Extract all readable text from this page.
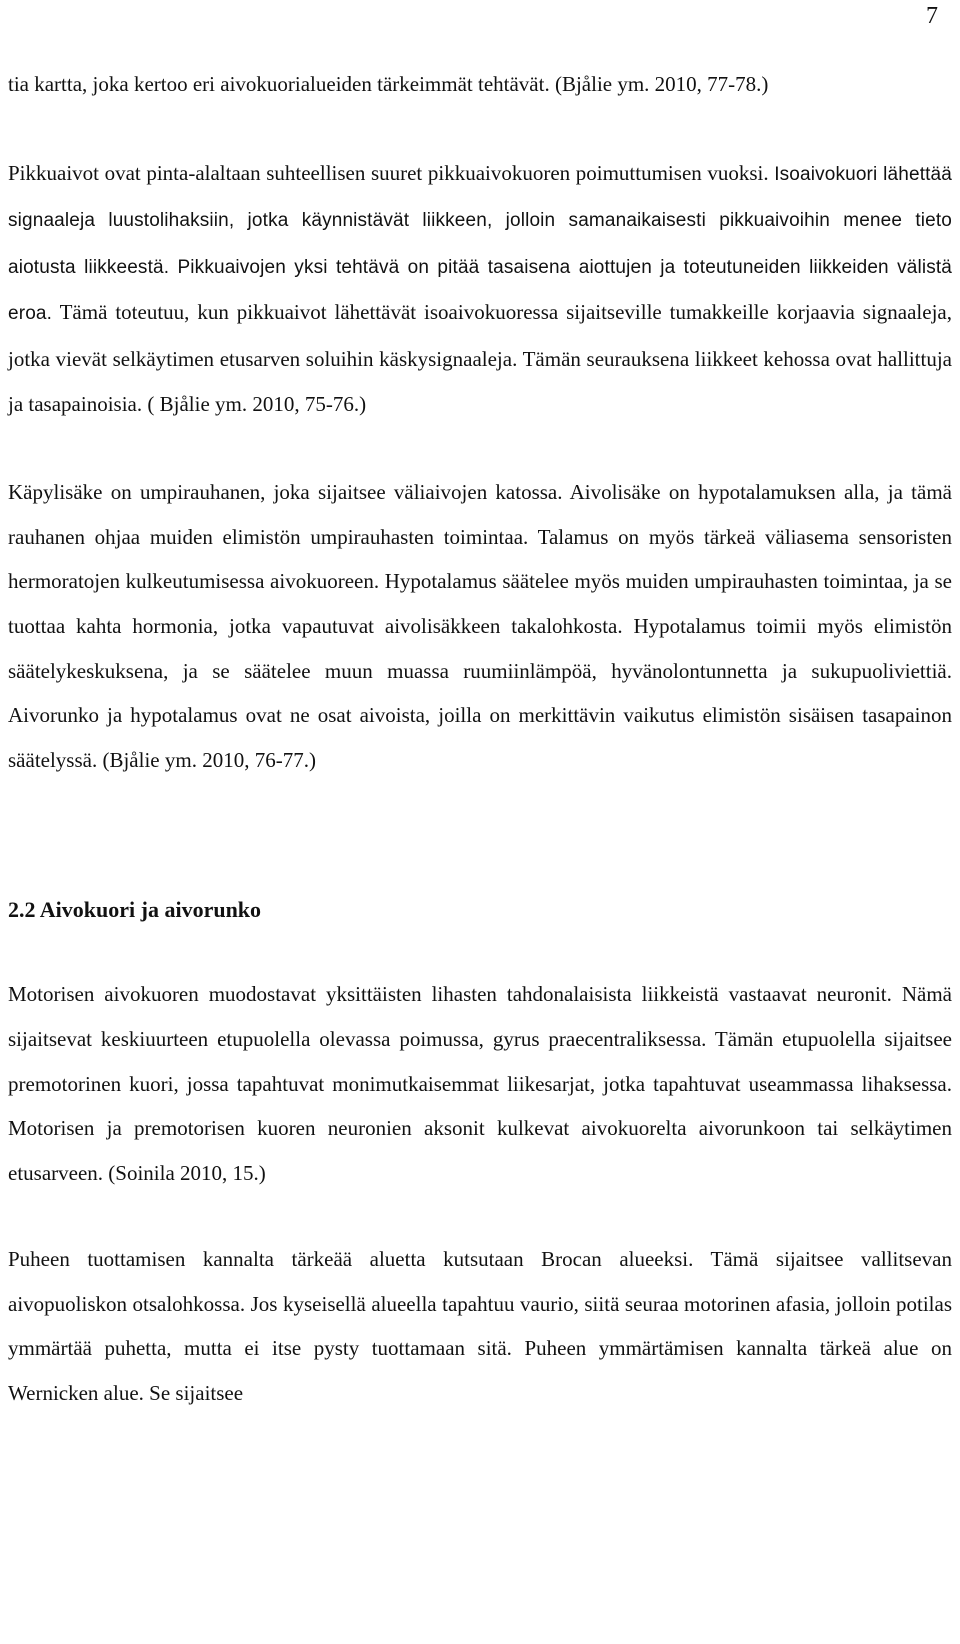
7

tia kartta, joka kertoo eri aivokuorialueiden tärkeimmät tehtävät. (Bjålie ym. 2010, 77-78.)

Pikkuaivot ovat pinta-alaltaan suhteellisen suuret pikkuaivokuoren poimuttumisen vuoksi. Isoaivokuori lähettää signaaleja luustolihaksiin, jotka käynnistävät liikkeen, jolloin samanaikaisesti pikkuaivoihin menee tieto aiotusta liikkeestä. Pikkuaivojen yksi tehtävä on pitää tasaisena aiottujen ja toteutuneiden liikkeiden välistä eroa. Tämä toteutuu, kun pikkuaivot lähettävät isoaivokuoressa sijaitseville tumakkeille korjaavia signaaleja, jotka vievät selkäytimen etusarven soluihin käskysignaaleja. Tämän seurauksena liikkeet kehossa ovat hallittuja ja tasapainoisia. ( Bjålie ym. 2010, 75-76.)

Käpylisäke on umpirauhanen, joka sijaitsee väliaivojen katossa. Aivolisäke on hypotalamuksen alla, ja tämä rauhanen ohjaa muiden elimistön umpirauhasten toimintaa. Talamus on myös tärkeä väliasema sensoristen hermoratojen kulkeutumisessa aivokuoreen. Hypotalamus säätelee myös muiden umpirauhasten toimintaa, ja se tuottaa kahta hormonia, jotka vapautuvat aivolisäkkeen takalohkosta. Hypotalamus toimii myös elimistön säätelykeskuksena, ja se säätelee muun muassa ruumiinlämpöä, hyvänolontunnetta ja sukupuoliviettiä. Aivorunko ja hypotalamus ovat ne osat aivoista, joilla on merkittävin vaikutus elimistön sisäisen tasapainon säätelyssä. (Bjålie ym. 2010, 76-77.)

2.2 Aivokuori ja aivorunko

Motorisen aivokuoren muodostavat yksittäisten lihasten tahdonalaisista liikkeistä vastaavat neuronit. Nämä sijaitsevat keskiuurteen etupuolella olevassa poimussa, gyrus praecentraliksessa. Tämän etupuolella sijaitsee premotorinen kuori, jossa tapahtuvat monimutkaisemmat liikesarjat, jotka tapahtuvat useammassa lihaksessa. Motorisen ja premotorisen kuoren neuronien aksonit kulkevat aivokuorelta aivorunkoon tai selkäytimen etusarveen. (Soinila 2010, 15.)

Puheen tuottamisen kannalta tärkeää aluetta kutsutaan Brocan alueeksi. Tämä sijaitsee vallitsevan aivopuoliskon otsalohkossa. Jos kyseisellä alueella tapahtuu vaurio, siitä seuraa motorinen afasia, jolloin potilas ymmärtää puhetta, mutta ei itse pysty tuottamaan sitä. Puheen ymmärtämisen kannalta tärkeä alue on Wernicken alue. Se sijaitsee
